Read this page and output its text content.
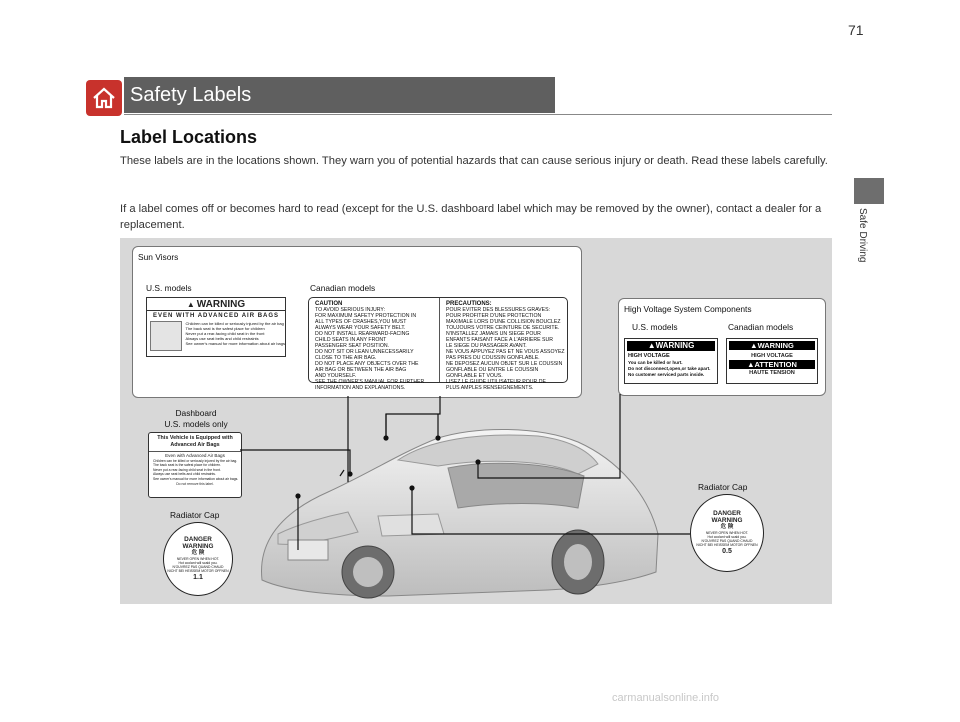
71
Safety Labels
Safe Driving
Label Locations
These labels are in the locations shown. They warn you of potential hazards that can cause serious injury or death. Read these labels carefully.
If a label comes off or becomes hard to read (except for the U.S. dashboard label which may be removed by the owner), contact a dealer for a replacement.
Sun Visors
U.S. models	Canadian models
▲ WARNING
EVEN WITH ADVANCED AIR BAGS
Children can be killed or seriously injured by the air bag
The back seat is the safest place for children
Never put a rear-facing child seat in the front
Always use seat belts and child restraints
See owner's manual for more information about air bags
CAUTION
TO AVOID SERIOUS INJURY:
FOR MAXIMUM SAFETY PROTECTION IN
ALL TYPES OF CRASHES,YOU MUST
ALWAYS WEAR YOUR SAFETY BELT.
DO NOT INSTALL REARWARD-FACING
CHILD SEATS IN ANY FRONT
PASSENGER SEAT POSITION.
DO NOT SIT OR LEAN UNNECESSARILY
CLOSE TO THE AIR BAG.
DO NOT PLACE ANY OBJECTS OVER THE
AIR BAG OR BETWEEN THE AIR BAG
AND YOURSELF.
SEE THE OWNER'S MANUAL FOR FURTHER
INFORMATION AND EXPLANATIONS.
PRECAUTIONS:
POUR EVITER DES BLESSURES GRAVES:
POUR PROFITER D'UNE PROTECTION
MAXIMALE LORS D'UNE COLLISION BOUCLEZ
TOUJOURS VOTRE CEINTURE DE SECURITE.
N'INSTALLEZ JAMAIS UN SIEGE POUR
ENFANTS FAISANT FACE A L'ARRIERE SUR
LE SIEGE DU PASSAGER AVANT.
NE VOUS APPUYEZ PAS ET NE VOUS ASSOYEZ
PAS PRES DU COUSSIN GONFLABLE.
NE DEPOSEZ AUCUN OBJET SUR LE COUSSIN
GONFLABLE OU ENTRE LE COUSSIN
GONFLABLE ET VOUS.
LISEZ LE GUIDE UTILISATEUR POUR DE
PLUS AMPLES RENSEIGNEMENTS.
High Voltage System Components
U.S. models	Canadian models
▲WARNING
HIGH VOLTAGE
You can be killed or hurt.
Do not disconnect,open,or take apart.
No customer serviced parts inside.
▲WARNING
HIGH VOLTAGE
▲ATTENTION
HAUTE TENSION
Dashboard
U.S. models only
This Vehicle is Equipped with
Advanced Air Bags
Even with Advanced Air Bags
Children can be killed or seriously injured by the air bag.
The back seat is the safest place for children.
Never put a rear-facing child seat in the front.
Always use seat belts and child restraints.
See owner's manual for more information about air bags.
Do not remove this label.
Radiator Cap
DANGER
WARNING
危 険
NEVER OPEN WHEN HOT.
Hot coolant will scald you.
N'OUVREZ PAS QUAND CHAUD
NICHT BEI HEISSEM MOTOR OFFNEN
1.1
Radiator Cap
DANGER
WARNING
危 険
NEVER OPEN WHEN HOT.
Hot coolant will scald you.
N'OUVREZ PAS QUAND CHAUD
NICHT BEI HEISSEM MOTOR OFFNEN
0.5
carmanualsonline.info
